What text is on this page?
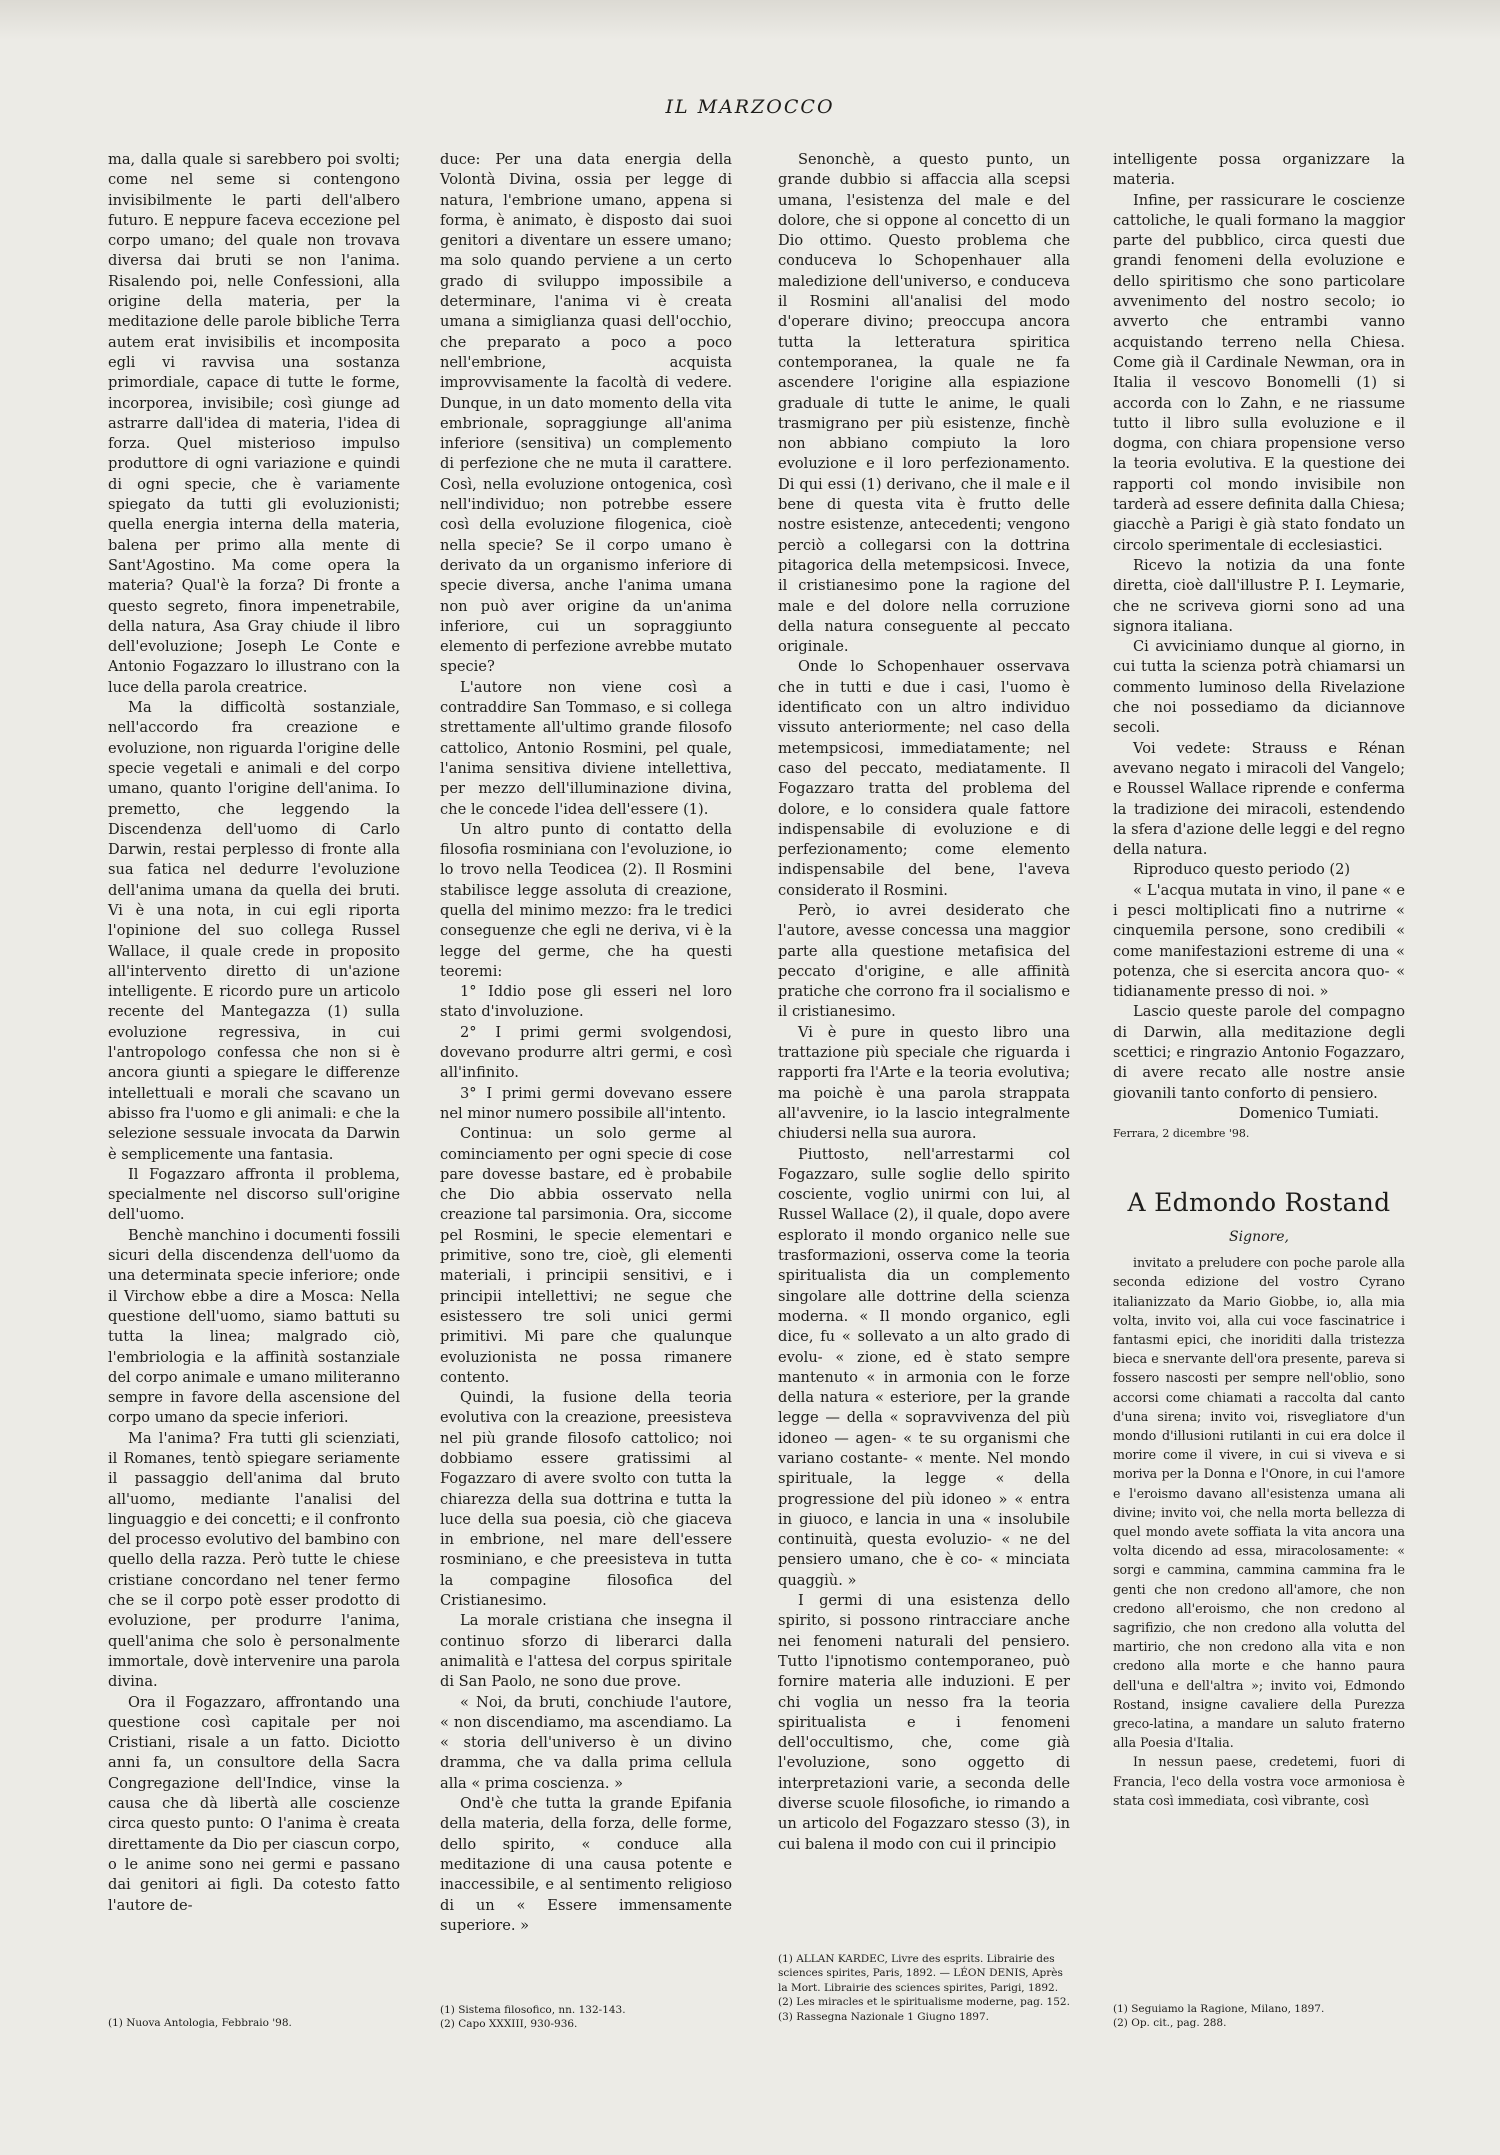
IL MARZOCCO

ma, dalla quale si sarebbero poi svolti; come nel seme si contengono invisibilmente le parti dell'albero futuro. E neppure faceva eccezione pel corpo umano; del quale non trovava diversa dai bruti se non l'anima. Risalendo poi, nelle Confessioni, alla origine della materia, per la meditazione delle parole bibliche Terra autem erat invisibilis et incomposita egli vi ravvisa una sostanza primordiale, capace di tutte le forme, incorporea, invisibile; così giunge ad astrarre dall'idea di materia, l'idea di forza. Quel misterioso impulso produttore di ogni variazione e quindi di ogni specie, che è variamente spiegato da tutti gli evoluzionisti; quella energia interna della materia, balena per primo alla mente di Sant'Agostino. Ma come opera la materia? Qual'è la forza? Di fronte a questo segreto, finora impenetrabile, della natura, Asa Gray chiude il libro dell'evoluzione; Joseph Le Conte e Antonio Fogazzaro lo illustrano con la luce della parola creatrice.

Ma la difficoltà sostanziale, nell'accordo fra creazione e evoluzione, non riguarda l'origine delle specie vegetali e animali e del corpo umano, quanto l'origine dell'anima. Io premetto, che leggendo la Discendenza dell'uomo di Carlo Darwin, restai perplesso di fronte alla sua fatica nel dedurre l'evoluzione dell'anima umana da quella dei bruti. Vi è una nota, in cui egli riporta l'opinione del suo collega Russel Wallace, il quale crede in proposito all'intervento diretto di un'azione intelligente. E ricordo pure un articolo recente del Mantegazza (1) sulla evoluzione regressiva, in cui l'antropologo confessa che non si è ancora giunti a spiegare le differenze intellettuali e morali che scavano un abisso fra l'uomo e gli animali: e che la selezione sessuale invocata da Darwin è semplicemente una fantasia.

Il Fogazzaro affronta il problema, specialmente nel discorso sull'origine dell'uomo.

Benchè manchino i documenti fossili sicuri della discendenza dell'uomo da una determinata specie inferiore; onde il Virchow ebbe a dire a Mosca: Nella questione dell'uomo, siamo battuti su tutta la linea; malgrado ciò, l'embriologia e la affinità sostanziale del corpo animale e umano militeranno sempre in favore della ascensione del corpo umano da specie inferiori.

Ma l'anima? Fra tutti gli scienziati, il Romanes, tentò spiegare seriamente il passaggio dell'anima dal bruto all'uomo, mediante l'analisi del linguaggio e dei concetti; e il confronto del processo evolutivo del bambino con quello della razza. Però tutte le chiese cristiane concordano nel tener fermo che se il corpo potè esser prodotto di evoluzione, per produrre l'anima, quell'anima che solo è personalmente immortale, dovè intervenire una parola divina.

Ora il Fogazzaro, affrontando una questione così capitale per noi Cristiani, risale a un fatto. Diciotto anni fa, un consultore della Sacra Congregazione dell'Indice, vinse la causa che dà libertà alle coscienze circa questo punto: O l'anima è creata direttamente da Dio per ciascun corpo, o le anime sono nei germi e passano dai genitori ai figli. Da cotesto fatto l'autore de-

(1) Nuova Antologia, Febbraio '98.

duce: Per una data energia della Volontà Divina, ossia per legge di natura, l'embrione umano, appena si forma, è animato, è disposto dai suoi genitori a diventare un essere umano; ma solo quando perviene a un certo grado di sviluppo impossibile a determinare, l'anima vi è creata umana a simiglianza quasi dell'occhio, che preparato a poco a poco nell'embrione, acquista improvvisamente la facoltà di vedere. Dunque, in un dato momento della vita embrionale, sopraggiunge all'anima inferiore (sensitiva) un complemento di perfezione che ne muta il carattere. Così, nella evoluzione ontogenica, così nell'individuo; non potrebbe essere così della evoluzione filogenica, cioè nella specie? Se il corpo umano è derivato da un organismo inferiore di specie diversa, anche l'anima umana non può aver origine da un'anima inferiore, cui un sopraggiunto elemento di perfezione avrebbe mutato specie?

L'autore non viene così a contraddire San Tommaso, e si collega strettamente all'ultimo grande filosofo cattolico, Antonio Rosmini, pel quale, l'anima sensitiva diviene intellettiva, per mezzo dell'illuminazione divina, che le concede l'idea dell'essere (1).

Un altro punto di contatto della filosofia rosminiana con l'evoluzione, io lo trovo nella Teodicea (2). Il Rosmini stabilisce legge assoluta di creazione, quella del minimo mezzo: fra le tredici conseguenze che egli ne deriva, vi è la legge del germe, che ha questi teoremi:

1° Iddio pose gli esseri nel loro stato d'involuzione.

2° I primi germi svolgendosi, dovevano produrre altri germi, e così all'infinito.

3° I primi germi dovevano essere nel minor numero possibile all'intento.

Continua: un solo germe al cominciamento per ogni specie di cose pare dovesse bastare, ed è probabile che Dio abbia osservato nella creazione tal parsimonia. Ora, siccome pel Rosmini, le specie elementari e primitive, sono tre, cioè, gli elementi materiali, i principii sensitivi, e i principii intellettivi; ne segue che esistessero tre soli unici germi primitivi. Mi pare che qualunque evoluzionista ne possa rimanere contento.

Quindi, la fusione della teoria evolutiva con la creazione, preesisteva nel più grande filosofo cattolico; noi dobbiamo essere gratissimi al Fogazzaro di avere svolto con tutta la chiarezza della sua dottrina e tutta la luce della sua poesia, ciò che giaceva in embrione, nel mare dell'essere rosminiano, e che preesisteva in tutta la compagine filosofica del Cristianesimo.

La morale cristiana che insegna il continuo sforzo di liberarci dalla animalità e l'attesa del corpus spiritale di San Paolo, ne sono due prove.

« Noi, da bruti, conchiude l'autore, « non discendiamo, ma ascendiamo. La « storia dell'universo è un divino dramma, che va dalla prima cellula alla « prima coscienza. »

Ond'è che tutta la grande Epifania della materia, della forza, delle forme, dello spirito, « conduce alla meditazione di una causa potente e inaccessibile, e al sentimento religioso di un « Essere immensamente superiore. »

(1) Sistema filosofico, nn. 132-143.
(2) Capo XXXIII, 930-936.

Senonchè, a questo punto, un grande dubbio si affaccia alla scepsi umana, l'esistenza del male e del dolore, che si oppone al concetto di un Dio ottimo. Questo problema che conduceva lo Schopenhauer alla maledizione dell'universo, e conduceva il Rosmini all'analisi del modo d'operare divino; preoccupa ancora tutta la letteratura spiritica contemporanea, la quale ne fa ascendere l'origine alla espiazione graduale di tutte le anime, le quali trasmigrano per più esistenze, finchè non abbiano compiuto la loro evoluzione e il loro perfezionamento. Di qui essi (1) derivano, che il male e il bene di questa vita è frutto delle nostre esistenze, antecedenti; vengono perciò a collegarsi con la dottrina pitagorica della metempsicosi. Invece, il cristianesimo pone la ragione del male e del dolore nella corruzione della natura conseguente al peccato originale.

Onde lo Schopenhauer osservava che in tutti e due i casi, l'uomo è identificato con un altro individuo vissuto anteriormente; nel caso della metempsicosi, immediatamente; nel caso del peccato, mediatamente. Il Fogazzaro tratta del problema del dolore, e lo considera quale fattore indispensabile di evoluzione e di perfezionamento; come elemento indispensabile del bene, l'aveva considerato il Rosmini.

Però, io avrei desiderato che l'autore, avesse concessa una maggior parte alla questione metafisica del peccato d'origine, e alle affinità pratiche che corrono fra il socialismo e il cristianesimo.

Vi è pure in questo libro una trattazione più speciale che riguarda i rapporti fra l'Arte e la teoria evolutiva; ma poichè è una parola strappata all'avvenire, io la lascio integralmente chiudersi nella sua aurora.

Piuttosto, nell'arrestarmi col Fogazzaro, sulle soglie dello spirito cosciente, voglio unirmi con lui, al Russel Wallace (2), il quale, dopo avere esplorato il mondo organico nelle sue trasformazioni, osserva come la teoria spiritualista dia un complemento singolare alle dottrine della scienza moderna. « Il mondo organico, egli dice, fu « sollevato a un alto grado di evolu- « zione, ed è stato sempre mantenuto « in armonia con le forze della natura « esteriore, per la grande legge — della « sopravvivenza del più idoneo — agen- « te su organismi che variano costante- « mente. Nel mondo spirituale, la legge « della progressione del più idoneo » « entra in giuoco, e lancia in una « insolubile continuità, questa evoluzio- « ne del pensiero umano, che è co- « minciata quaggiù. »

I germi di una esistenza dello spirito, si possono rintracciare anche nei fenomeni naturali del pensiero. Tutto l'ipnotismo contemporaneo, può fornire materia alle induzioni. E per chi voglia un nesso fra la teoria spiritualista e i fenomeni dell'occultismo, che, come già l'evoluzione, sono oggetto di interpretazioni varie, a seconda delle diverse scuole filosofiche, io rimando a un articolo del Fogazzaro stesso (3), in cui balena il modo con cui il principio

(1) ALLAN KARDEC, Livre des esprits. Librairie des sciences spirites, Paris, 1892. — LÉON DENIS, Après la Mort. Librairie des sciences spirites, Parigi, 1892.
(2) Les miracles et le spiritualisme moderne, pag. 152.
(3) Rassegna Nazionale 1 Giugno 1897.

intelligente possa organizzare la materia.

Infine, per rassicurare le coscienze cattoliche, le quali formano la maggior parte del pubblico, circa questi due grandi fenomeni della evoluzione e dello spiritismo che sono particolare avvenimento del nostro secolo; io avverto che entrambi vanno acquistando terreno nella Chiesa. Come già il Cardinale Newman, ora in Italia il vescovo Bonomelli (1) si accorda con lo Zahn, e ne riassume tutto il libro sulla evoluzione e il dogma, con chiara propensione verso la teoria evolutiva. E la questione dei rapporti col mondo invisibile non tarderà ad essere definita dalla Chiesa; giacchè a Parigi è già stato fondato un circolo sperimentale di ecclesiastici.

Ricevo la notizia da una fonte diretta, cioè dall'illustre P. I. Leymarie, che ne scriveva giorni sono ad una signora italiana.

Ci avviciniamo dunque al giorno, in cui tutta la scienza potrà chiamarsi un commento luminoso della Rivelazione che noi possediamo da diciannove secoli.

Voi vedete: Strauss e Rénan avevano negato i miracoli del Vangelo; e Roussel Wallace riprende e conferma la tradizione dei miracoli, estendendo la sfera d'azione delle leggi e del regno della natura.

Riproduco questo periodo (2)

« L'acqua mutata in vino, il pane « e i pesci moltiplicati fino a nutrirne « cinquemila persone, sono credibili « come manifestazioni estreme di una « potenza, che si esercita ancora quo- « tidianamente presso di noi. »

Lascio queste parole del compagno di Darwin, alla meditazione degli scettici; e ringrazio Antonio Fogazzaro, di avere recato alle nostre ansie giovanili tanto conforto di pensiero.

Domenico Tumiati.

Ferrara, 2 dicembre '98.

A Edmondo Rostand
Signore,

invitato a preludere con poche parole alla seconda edizione del vostro Cyrano italianizzato da Mario Giobbe, io, alla mia volta, invito voi, alla cui voce fascinatrice i fantasmi epici, che inoriditi dalla tristezza bieca e snervante dell'ora presente, pareva si fossero nascosti per sempre nell'oblio, sono accorsi come chiamati a raccolta dal canto d'una sirena; invito voi, risvegliatore d'un mondo d'illusioni rutilanti in cui era dolce il morire come il vivere, in cui si viveva e si moriva per la Donna e l'Onore, in cui l'amore e l'eroismo davano all'esistenza umana ali divine; invito voi, che nella morta bellezza di quel mondo avete soffiata la vita ancora una volta dicendo ad essa, miracolosamente: « sorgi e cammina, cammina cammina fra le genti che non credono all'amore, che non credono all'eroismo, che non credono al sagrifizio, che non credono alla volutta del martirio, che non credono alla vita e non credono alla morte e che hanno paura dell'una e dell'altra »; invito voi, Edmondo Rostand, insigne cavaliere della Purezza greco-latina, a mandare un saluto fraterno alla Poesia d'Italia.

In nessun paese, credetemi, fuori di Francia, l'eco della vostra voce armoniosa è stata così immediata, così vibrante, così

(1) Seguiamo la Ragione, Milano, 1897.
(2) Op. cit., pag. 288.
